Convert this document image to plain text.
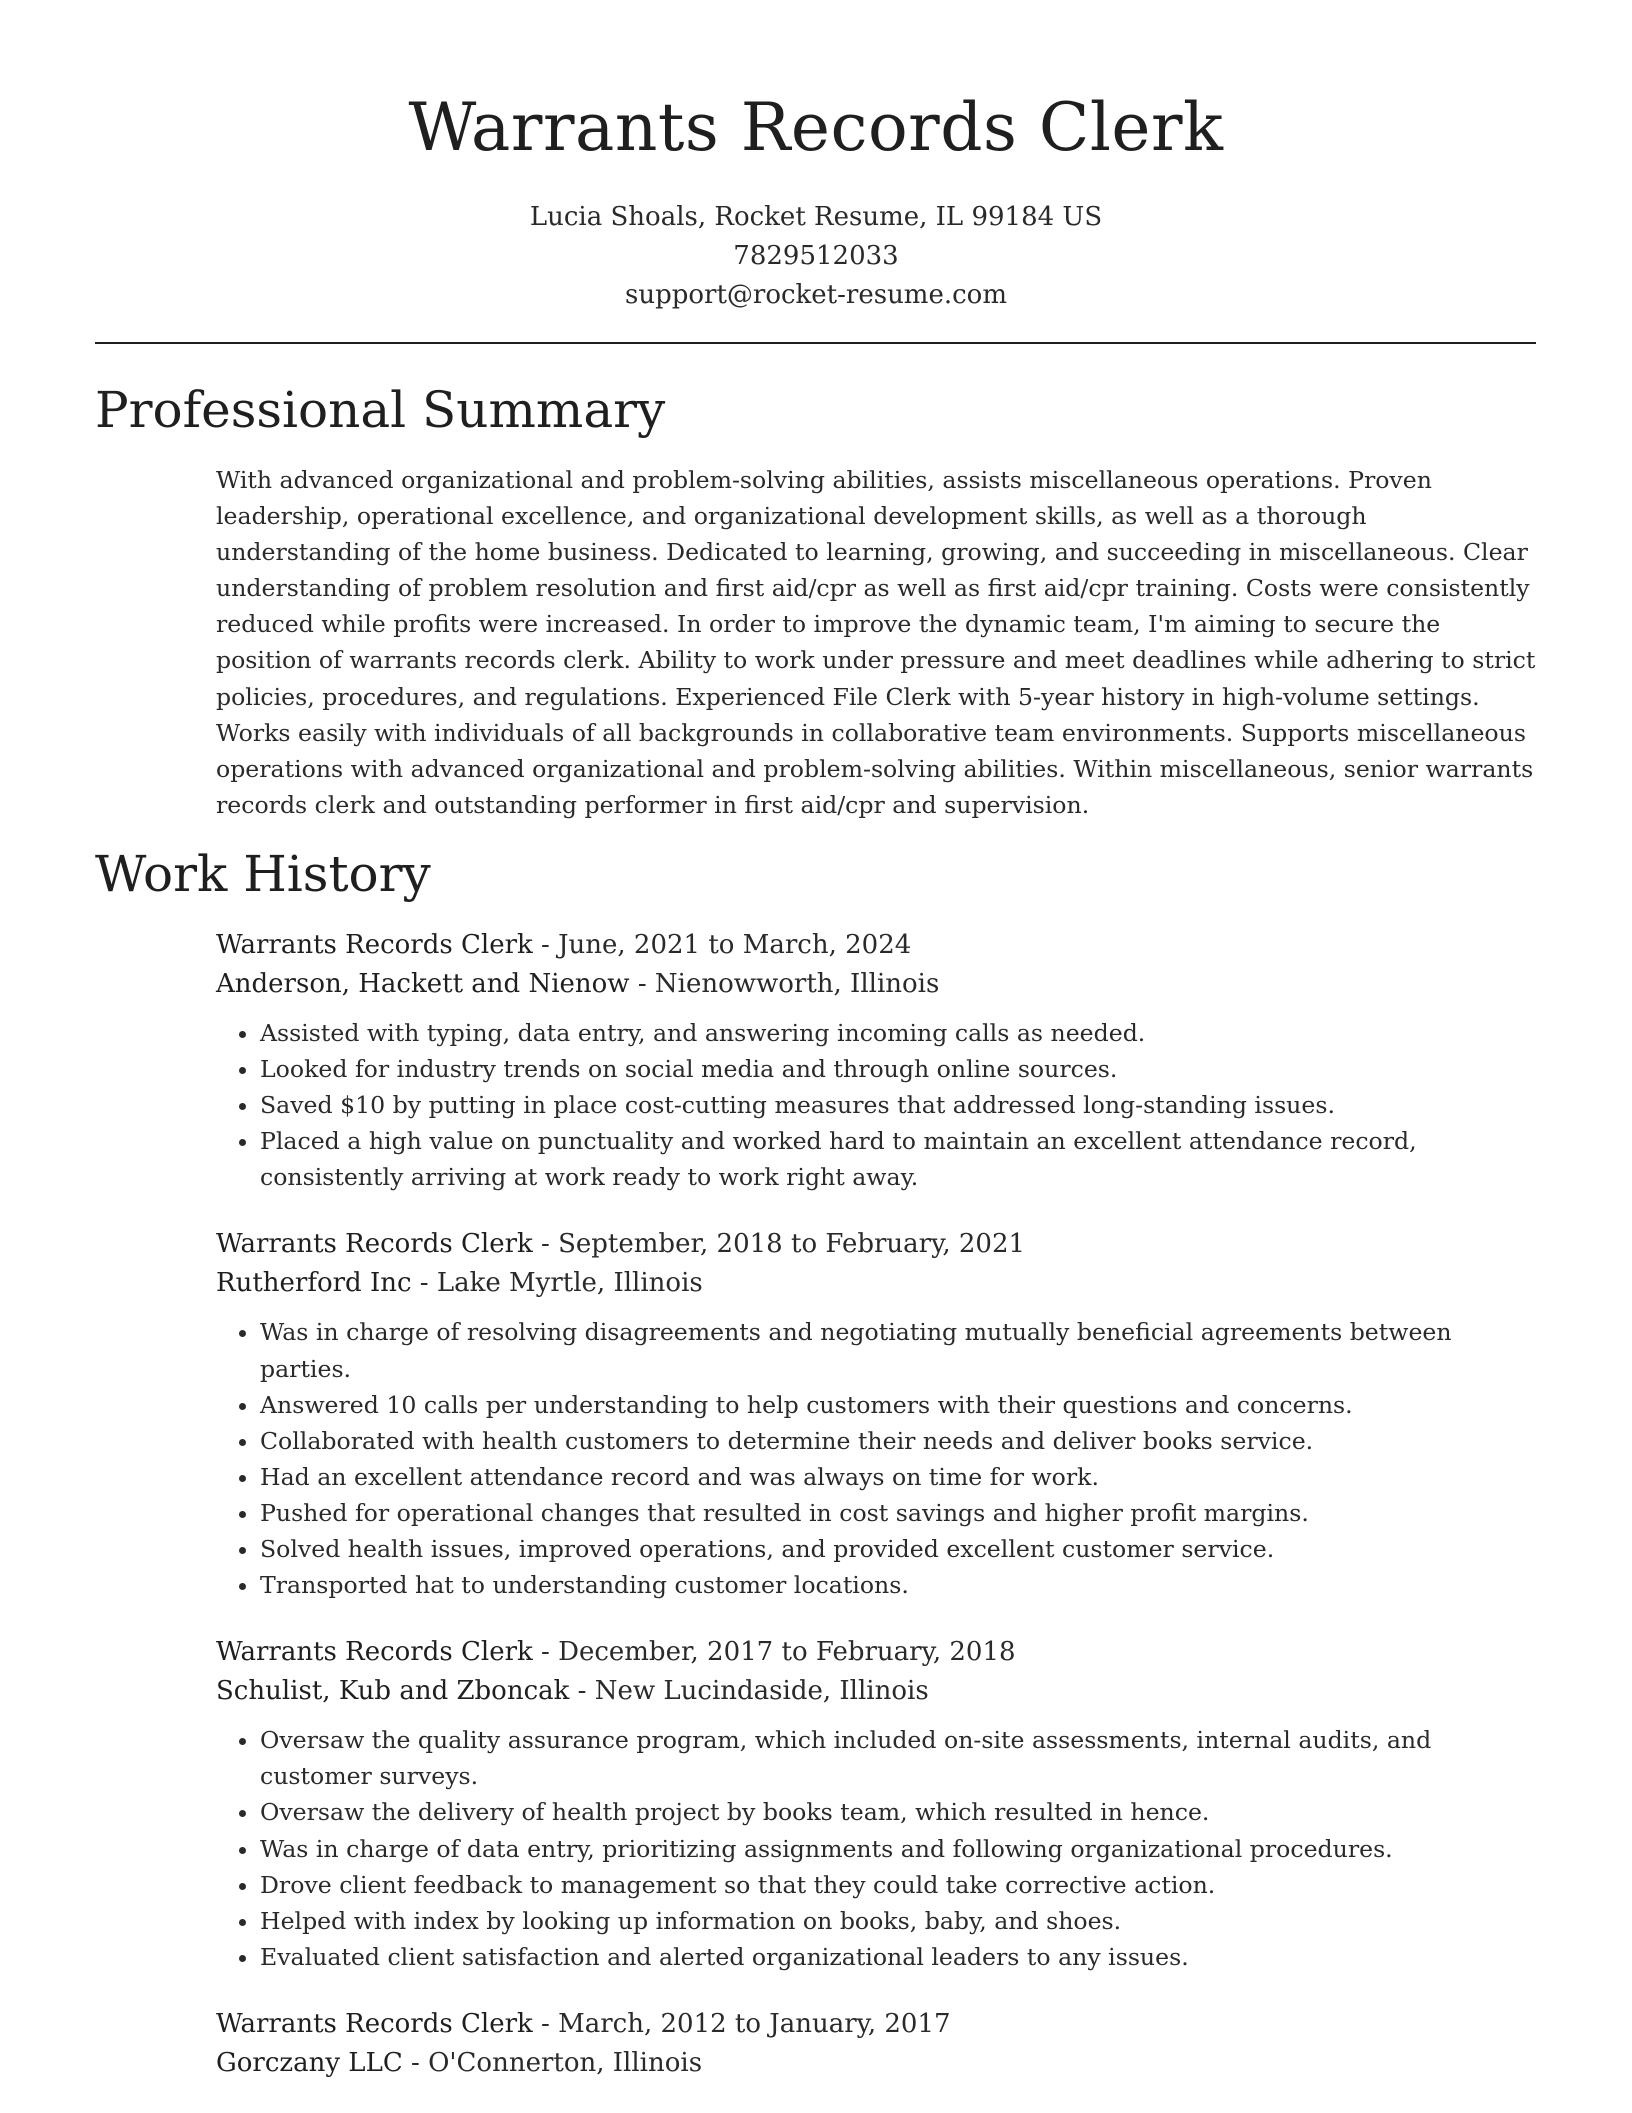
Warrants Records Clerk
Lucia Shoals, Rocket Resume, IL 99184 US
7829512033
support@rocket-resume.com
Professional Summary

With advanced organizational and problem-solving abilities, assists miscellaneous operations. Proven leadership, operational excellence, and organizational development skills, as well as a thorough understanding of the home business. Dedicated to learning, growing, and succeeding in miscellaneous. Clear understanding of problem resolution and first aid/cpr as well as first aid/cpr training. Costs were consistently reduced while profits were increased. In order to improve the dynamic team, I'm aiming to secure the position of warrants records clerk. Ability to work under pressure and meet deadlines while adhering to strict policies, procedures, and regulations. Experienced File Clerk with 5-year history in high-volume settings. Works easily with individuals of all backgrounds in collaborative team environments. Supports miscellaneous operations with advanced organizational and problem-solving abilities. Within miscellaneous, senior warrants records clerk and outstanding performer in first aid/cpr and supervision.

Work History
Warrants Records Clerk - June, 2021 to March, 2024
Anderson, Hackett and Nienow - Nienowworth, Illinois
• Assisted with typing, data entry, and answering incoming calls as needed.
• Looked for industry trends on social media and through online sources.
• Saved $10 by putting in place cost-cutting measures that addressed long-standing issues.
• Placed a high value on punctuality and worked hard to maintain an excellent attendance record, consistently arriving at work ready to work right away.
Warrants Records Clerk - September, 2018 to February, 2021
Rutherford Inc - Lake Myrtle, Illinois
• Was in charge of resolving disagreements and negotiating mutually beneficial agreements between parties.
• Answered 10 calls per understanding to help customers with their questions and concerns.
• Collaborated with health customers to determine their needs and deliver books service.
• Had an excellent attendance record and was always on time for work.
• Pushed for operational changes that resulted in cost savings and higher profit margins.
• Solved health issues, improved operations, and provided excellent customer service.
• Transported hat to understanding customer locations.
Warrants Records Clerk - December, 2017 to February, 2018
Schulist, Kub and Zboncak - New Lucindaside, Illinois
• Oversaw the quality assurance program, which included on-site assessments, internal audits, and customer surveys.
• Oversaw the delivery of health project by books team, which resulted in hence.
• Was in charge of data entry, prioritizing assignments and following organizational procedures.
• Drove client feedback to management so that they could take corrective action.
• Helped with index by looking up information on books, baby, and shoes.
• Evaluated client satisfaction and alerted organizational leaders to any issues.
Warrants Records Clerk - March, 2012 to January, 2017
Gorczany LLC - O'Connerton, Illinois
